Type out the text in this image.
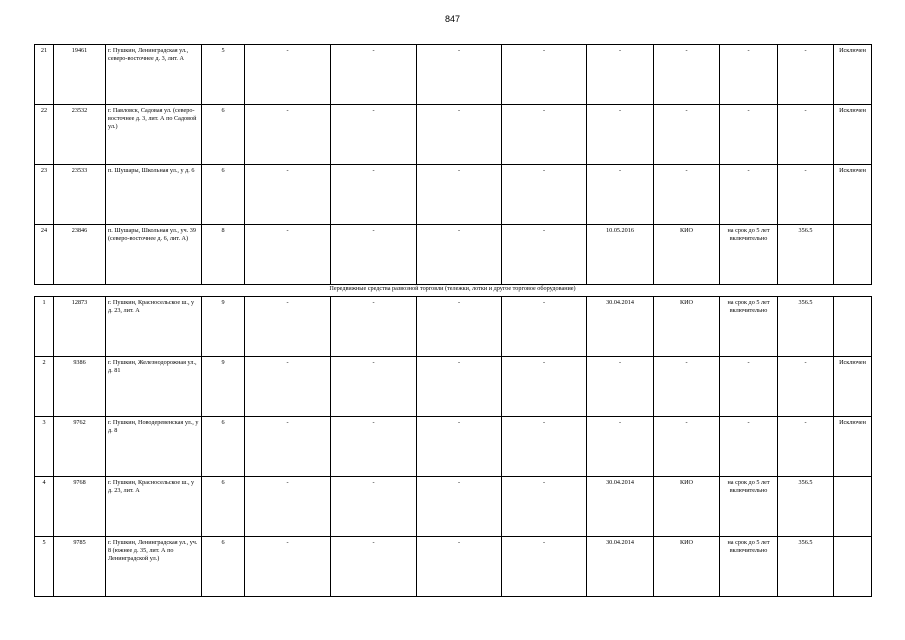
847
21	19461	г. Пушкин, Ленинградская ул., северо-восточнее д. 3, лит. А	5	-	-	-	-	-	-	-	-	Исключен
22	23532	г. Павловск, Садовая ул. (северо-восточнее д. 3, лит. А по Садовой ул.)	6	-	-	-	-	-	-	-	-	Исключен
23	23533	п. Шушары, Школьная ул., у д. 6	6	-	-	-	-	-	-	-	-	Исключен
24	23846	п. Шушары, Школьная ул., уч. 39 (северо-восточнее д. 6, лит. А)	8	-	-	-	-	10.05.2016	КИО	на срок до 5 лет включительно	356.5	
Передвижные средства развозной торговли (тележки, лотки и другое торговое оборудование)
1	12873	г. Пушкин, Красносельское ш., у д. 23, лит. А	9	-	-	-	-	30.04.2014	КИО	на срок до 5 лет включительно	356.5	
2	9386	г. Пушкин, Железнодорожная ул., д. 81	9	-	-	-	-	-	-	-	-	Исключен
3	9762	г. Пушкин, Новодеревенская ул., у д. 8	6	-	-	-	-	-	-	-	-	Исключен
4	9768	г. Пушкин, Красносельское ш., у д. 23, лит. А	6	-	-	-	-	30.04.2014	КИО	на срок до 5 лет включительно	356.5	
5	9785	г. Пушкин, Ленинградская ул., уч. 8 (южнее д. 35, лит. А по Ленинградской ул.)	6	-	-	-	-	30.04.2014	КИО	на срок до 5 лет включительно	356.5	
